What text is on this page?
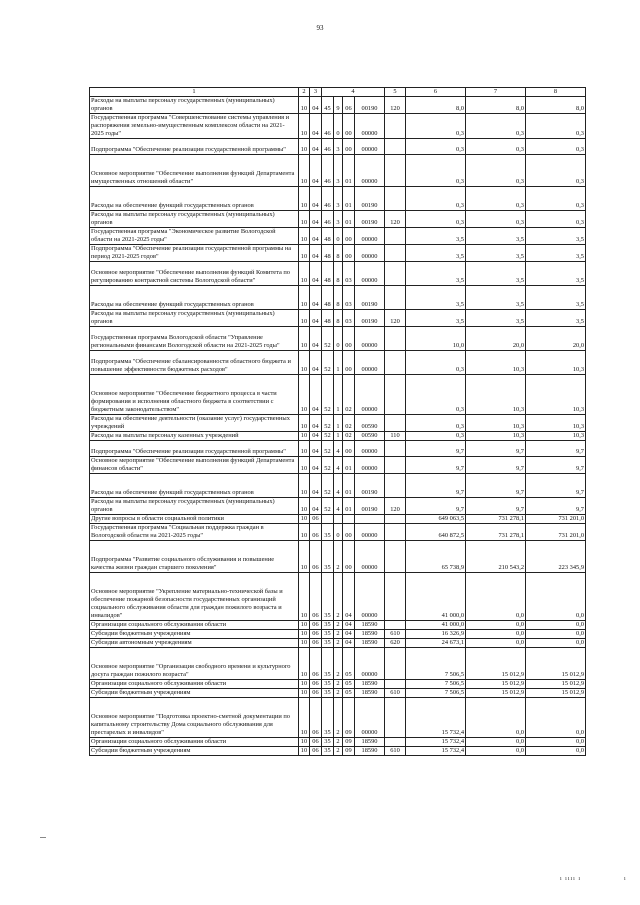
93
1	2	3	4				5	6	7	8
Расходы на выплаты персоналу государственных (муниципальных) органов	10	04	45	9	06	00190	120	8,0	8,0	8,0
Государственная программа "Совершенствование системы управления и распоряжения земельно-имущественным комплексом области на 2021-2025 годы"	10	04	46	0	00	00000		0,3	0,3	0,3
Подпрограмма "Обеспечение реализации государственной программы"	10	04	46	3	00	00000		0,3	0,3	0,3
Основное мероприятие "Обеспечение выполнения функций Департамента имущественных отношений области"	10	04	46	3	01	00000		0,3	0,3	0,3
Расходы на обеспечение функций государственных органов	10	04	46	3	01	00190		0,3	0,3	0,3
Расходы на выплаты персоналу государственных (муниципальных) органов	10	04	46	3	01	00190	120	0,3	0,3	0,3
Государственная программа "Экономическое развитие Вологодской области на 2021-2025 годы"	10	04	48	0	00	00000		3,5	3,5	3,5
Подпрограмма "Обеспечение реализации государственной программы на период 2021-2025 годов"	10	04	48	8	00	00000		3,5	3,5	3,5
Основное мероприятие "Обеспечение выполнения функций Комитета по регулированию контрактной системы Вологодской области"	10	04	48	8	03	00000		3,5	3,5	3,5
Расходы на обеспечение функций государственных органов	10	04	48	8	03	00190		3,5	3,5	3,5
Расходы на выплаты персоналу государственных (муниципальных) органов	10	04	48	8	03	00190	120	3,5	3,5	3,5
Государственная программа Вологодской области "Управление региональными финансами Вологодской области на 2021-2025 годы"	10	04	52	0	00	00000		10,0	20,0	20,0
Подпрограмма "Обеспечение сбалансированности областного бюджета и повышение эффективности бюджетных расходов"	10	04	52	1	00	00000		0,3	10,3	10,3
Основное мероприятие "Обеспечение бюджетного процесса в части формирования и исполнения областного бюджета в соответствии с бюджетным законодательством"	10	04	52	1	02	00000		0,3	10,3	10,3
Расходы на обеспечение деятельности (оказание услуг) государственных учреждений	10	04	52	1	02	00590		0,3	10,3	10,3
Расходы на выплаты персоналу казенных учреждений	10	04	52	1	02	00590	110	0,3	10,3	10,3
Подпрограмма "Обеспечение реализации государственной программы"	10	04	52	4	00	00000		9,7	9,7	9,7
Основное мероприятие "Обеспечение выполнения функций Департамента финансов области"	10	04	52	4	01	00000		9,7	9,7	9,7
Расходы на обеспечение функций государственных органов	10	04	52	4	01	00190		9,7	9,7	9,7
Расходы на выплаты персоналу государственных (муниципальных) органов	10	04	52	4	01	00190	120	9,7	9,7	9,7
Другие вопросы в области социальной политики	10	06						649 063,5	731 278,1	731 201,0
Государственная программа "Социальная поддержка граждан в Вологодской области на 2021-2025 годы"	10	06	35	0	00	00000		640 872,5	731 278,1	731 201,0
Подпрограмма "Развитие социального обслуживания и повышение качества жизни граждан старшего поколения"	10	06	35	2	00	00000		65 738,9	210 543,2	223 345,9
Основное мероприятие "Укрепление материально-технической базы и обеспечение пожарной безопасности государственных организаций социального обслуживания области для граждан пожилого возраста и инвалидов"	10	06	35	2	04	00000		41 000,0	0,0	0,0
Организации социального обслуживания области	10	06	35	2	04	18590		41 000,0	0,0	0,0
Субсидии бюджетным учреждениям	10	06	35	2	04	18590	610	16 326,9	0,0	0,0
Субсидии автономным учреждениям	10	06	35	2	04	18590	620	24 673,1	0,0	0,0
Основное мероприятие "Организация свободного времени и культурного досуга граждан пожилого возраста"	10	06	35	2	05	00000		7 506,5	15 012,9	15 012,9
Организации социального обслуживания области	10	06	35	2	05	18590		7 506,5	15 012,9	15 012,9
Субсидии бюджетным учреждениям	10	06	35	2	05	18590	610	7 506,5	15 012,9	15 012,9
Основное мероприятие "Подготовка проектно-сметной документации по капитальному строительству Дома социального обслуживания для престарелых и инвалидов"	10	06	35	2	09	00000		15 732,4	0,0	0,0
Организации социального обслуживания области	10	06	35	2	09	18590		15 732,4	0,0	0,0
Субсидии бюджетным учреждениям	10	06	35	2	09	18590	610	15 732,4	0,0	0,0
ı ıııı ı	ı
